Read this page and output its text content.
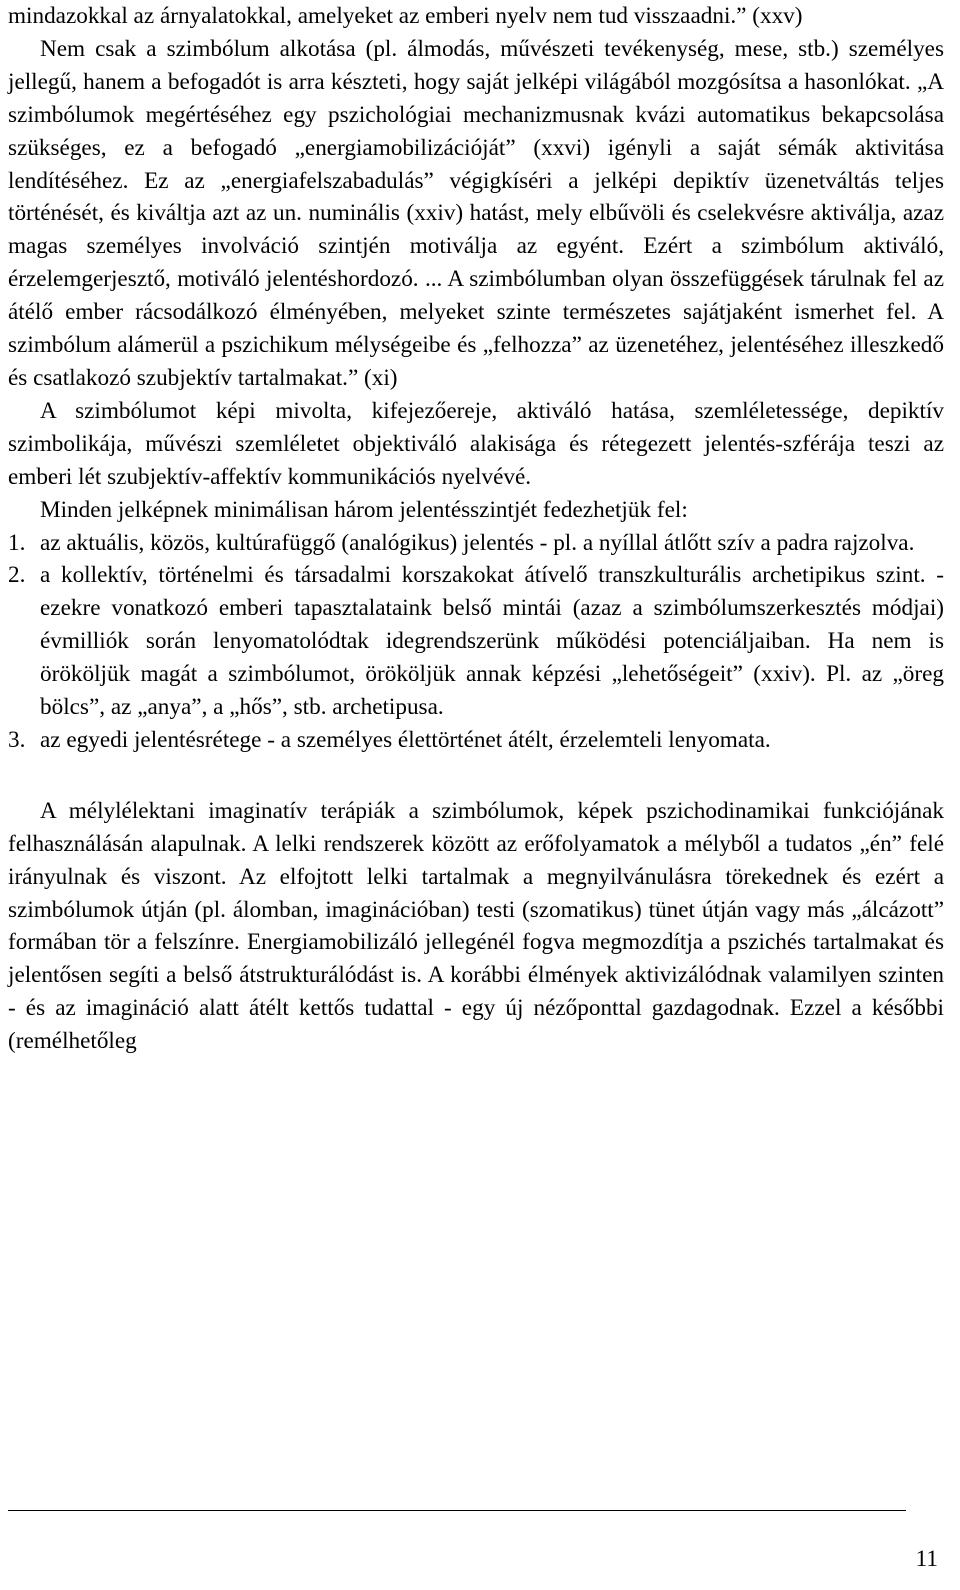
mindazokkal az árnyalatokkal, amelyeket az emberi nyelv nem tud visszaadni.” (xxv)

Nem csak a szimbólum alkotása (pl. álmodás, művészeti tevékenység, mese, stb.) személyes jellegű, hanem a befogadót is arra készteti, hogy saját jelképi világából mozgósítsa a hasonlókat. „A szimbólumok megértéséhez egy pszichológiai mechanizmusnak kvázi automatikus bekapcsolása szükséges, ez a befogadó „energiamobilizációját” (xxvi) igényli a saját sémák aktivitása lendítéséhez. Ez az „energiafelszabadulás” végigkíséri a jelképi depiktív üzenetváltás teljes történését, és kiváltja azt az un. numinális (xxiv) hatást, mely elbűvöli és cselekvésre aktiválja, azaz magas személyes involváció szintjén motiválja az egyént. Ezért a szimbólum aktiváló, érzelemgerjesztő, motiváló jelentéshordozó. ... A szimbólumban olyan összefüggések tárulnak fel az átélő ember rácsodálkozó élményében, melyeket szinte természetes sajátjaként ismerhet fel. A szimbólum alámerül a pszichikum mélységeibe és „felhozza” az üzenetéhez, jelentéséhez illeszkedő és csatlakozó szubjektív tartalmakat.” (xi)

A szimbólumot képi mivolta, kifejezőereje, aktiváló hatása, szemléletessége, depiktív szimbolikája, művészi szemléletet objektiváló alakisága és rétegezett jelentés-szférája teszi az emberi lét szubjektív-affektív kommunikációs nyelvévé.

Minden jelképnek minimálisan három jelentésszintjét fedezhetjük fel:

1. az aktuális, közös, kultúrafüggő (analógikus) jelentés - pl. a nyíllal átlőtt szív a padra rajzolva.
2. a kollektív, történelmi és társadalmi korszakokat átívelő transzkulturális archetipikus szint. - ezekre vonatkozó emberi tapasztalataink belső mintái (azaz a szimbólumszerkesztés módjai) évmilliók során lenyomatolódtak idegrendszerünk működési potenciáljaiban. Ha nem is örököljük magát a szimbólumot, örököljük annak képzési „lehetőségeit” (xxiv). Pl. az „öreg bölcs”, az „anya”, a „hős”, stb. archetipusa.
3. az egyedi jelentésrétege - a személyes élettörténet átélt, érzelemteli lenyomata.

A mélylélektani imaginatív terápiák a szimbólumok, képek pszichodinamikai funkciójának felhasználásán alapulnak. A lelki rendszerek között az erőfolyamatok a mélyből a tudatos „én” felé irányulnak és viszont. Az elfojtott lelki tartalmak a megnyilvánulásra törekednek és ezért a szimbólumok útján (pl. álomban, imaginációban) testi (szomatikus) tünet útján vagy más „álcázott” formában tör a felszínre. Energiamobilizáló jellegénél fogva megmozdítja a pszichés tartalmakat és jelentősen segíti a belső átstrukturálódást is. A korábbi élmények aktivizálódnak valamilyen szinten - és az imagináció alatt átélt kettős tudattal - egy új nézőponttal gazdagodnak. Ezzel a későbbi (remélhetőleg

11
